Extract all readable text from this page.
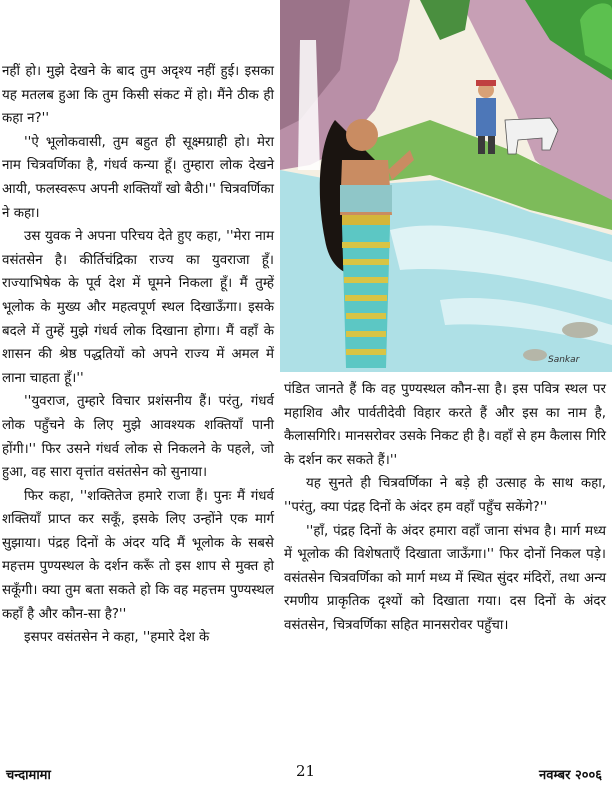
नहीं हो। मुझे देखने के बाद तुम अदृश्य नहीं हुई। इसका यह मतलब हुआ कि तुम किसी संकट में हो। मैंने ठीक ही कहा न?''

''ऐ भूलोकवासी, तुम बहुत ही सूक्ष्मग्राही हो। मेरा नाम चित्रवर्णिका है, गंधर्व कन्या हूँ। तुम्हारा लोक देखने आयी, फलस्वरूप अपनी शक्तियाँ खो बैठी।'' चित्रवर्णिका ने कहा।

उस युवक ने अपना परिचय देते हुए कहा, ''मेरा नाम वसंतसेन है। कीर्तिचंद्रिका राज्य का युवराजा हूँ। राज्याभिषेक के पूर्व देश में घूमने निकला हूँ। मैं तुम्हें भूलोक के मुख्य और महत्वपूर्ण स्थल दिखाऊँगा। इसके बदले में तुम्हें मुझे गंधर्व लोक दिखाना होगा। मैं वहाँ के शासन की श्रेष्ठ पद्धतियों को अपने राज्य में अमल में लाना चाहता हूँ।''

''युवराज, तुम्हारे विचार प्रशंसनीय हैं। परंतु, गंधर्व लोक पहुँचने के लिए मुझे आवश्यक शक्तियाँ पानी होंगी।'' फिर उसने गंधर्व लोक से निकलने के पहले, जो हुआ, वह सारा वृत्तांत वसंतसेन को सुनाया।

फिर कहा, ''शक्तितेज हमारे राजा हैं। पुनः मैं गंधर्व शक्तियाँ प्राप्त कर सकूँ, इसके लिए उन्होंने एक मार्ग सुझाया। पंद्रह दिनों के अंदर यदि मैं भूलोक के सबसे महत्तम पुण्यस्थल के दर्शन करूँ तो इस शाप से मुक्त हो सकूँगी। क्या तुम बता सकते हो कि वह महत्तम पुण्यस्थल कहाँ है और कौन-सा है?''

इसपर वसंतसेन ने कहा, ''हमारे देश के

Sankar

पंडित जानते हैं कि वह पुण्यस्थल कौन-सा है। इस पवित्र स्थल पर महाशिव और पार्वतीदेवी विहार करते हैं और इस का नाम है, कैलासगिरि। मानसरोवर उसके निकट ही है। वहाँ से हम कैलास गिरि के दर्शन कर सकते हैं।''

यह सुनते ही चित्रवर्णिका ने बड़े ही उत्साह के साथ कहा, ''परंतु, क्या पंद्रह दिनों के अंदर हम वहाँ पहुँच सकेंगे?''

''हाँ, पंद्रह दिनों के अंदर हमारा वहाँ जाना संभव है। मार्ग मध्य में भूलोक की विशेषताएँ दिखाता जाऊँगा।'' फिर दोनों निकल पड़े। वसंतसेन चित्रवर्णिका को मार्ग मध्य में स्थित सुंदर मंदिरों, तथा अन्य रमणीय प्राकृतिक दृश्यों को दिखाता गया। दस दिनों के अंदर वसंतसेन, चित्रवर्णिका सहित मानसरोवर पहुँचा।

चन्दामामा	21	नवम्बर २००६
